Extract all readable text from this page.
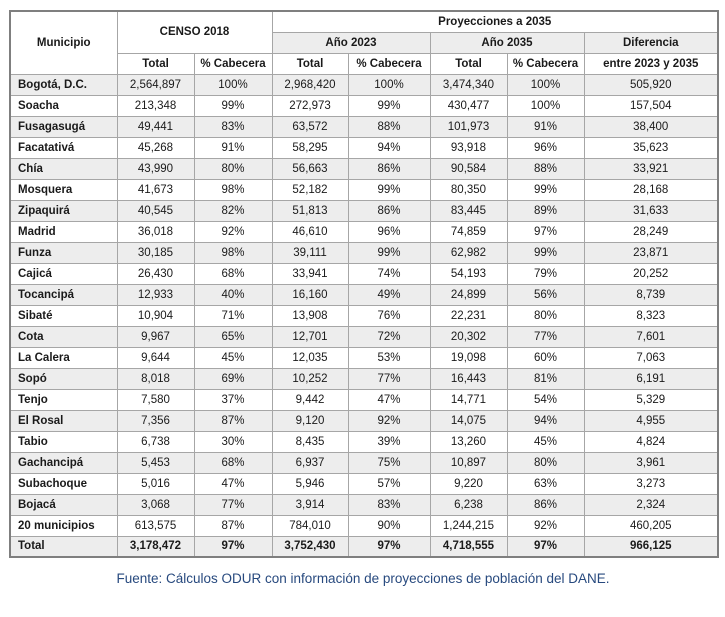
Municipio	CENSO 2018		Proyecciones a 2035				
			Año 2023		Año 2035		Diferencia
	Total	% Cabecera	Total	% Cabecera	Total	% Cabecera	entre 2023 y 2035
Bogotá, D.C.	2,564,897	100%	2,968,420	100%	3,474,340	100%	505,920
Soacha	213,348	99%	272,973	99%	430,477	100%	157,504
Fusagasugá	49,441	83%	63,572	88%	101,973	91%	38,400
Facatativá	45,268	91%	58,295	94%	93,918	96%	35,623
Chía	43,990	80%	56,663	86%	90,584	88%	33,921
Mosquera	41,673	98%	52,182	99%	80,350	99%	28,168
Zipaquirá	40,545	82%	51,813	86%	83,445	89%	31,633
Madrid	36,018	92%	46,610	96%	74,859	97%	28,249
Funza	30,185	98%	39,111	99%	62,982	99%	23,871
Cajicá	26,430	68%	33,941	74%	54,193	79%	20,252
Tocancipá	12,933	40%	16,160	49%	24,899	56%	8,739
Sibaté	10,904	71%	13,908	76%	22,231	80%	8,323
Cota	9,967	65%	12,701	72%	20,302	77%	7,601
La Calera	9,644	45%	12,035	53%	19,098	60%	7,063
Sopó	8,018	69%	10,252	77%	16,443	81%	6,191
Tenjo	7,580	37%	9,442	47%	14,771	54%	5,329
El Rosal	7,356	87%	9,120	92%	14,075	94%	4,955
Tabio	6,738	30%	8,435	39%	13,260	45%	4,824
Gachancipá	5,453	68%	6,937	75%	10,897	80%	3,961
Subachoque	5,016	47%	5,946	57%	9,220	63%	3,273
Bojacá	3,068	77%	3,914	83%	6,238	86%	2,324
20 municipios	613,575	87%	784,010	90%	1,244,215	92%	460,205
Total	3,178,472	97%	3,752,430	97%	4,718,555	97%	966,125
Fuente: Cálculos ODUR con información de proyecciones de población del DANE.
